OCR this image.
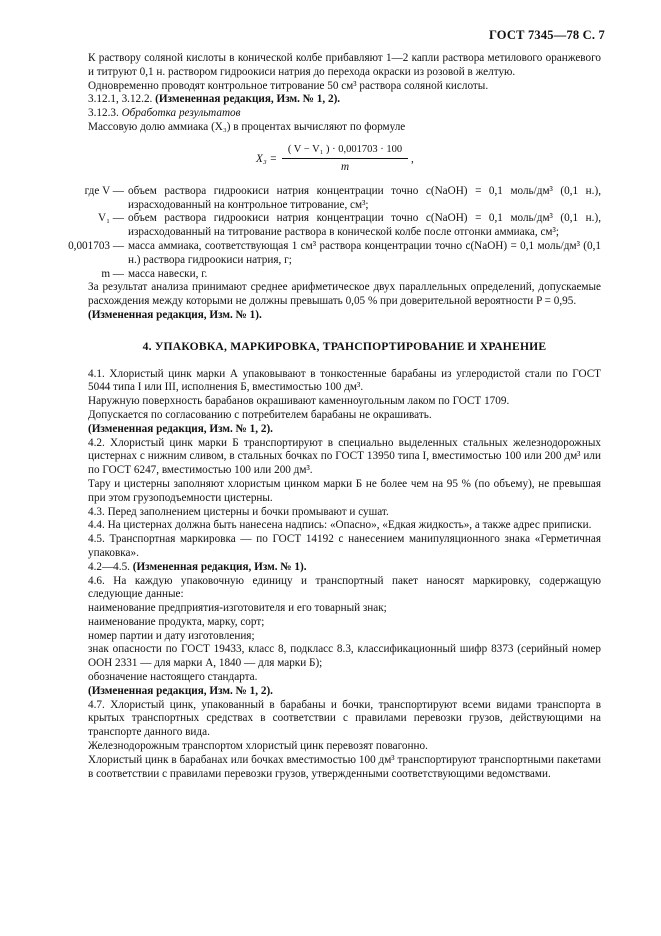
ГОСТ 7345—78 С. 7

К раствору соляной кислоты в конической колбе прибавляют 1—2 капли раствора метилового оранжевого и титруют 0,1 н. раствором гидроокиси натрия до перехода окраски из розовой в желтую.

Одновременно проводят контрольное титрование 50 см³ раствора соляной кислоты.

3.12.1, 3.12.2. (Измененная редакция, Изм. № 1, 2).

3.12.3. Обработка результатов

Массовую долю аммиака (X₃) в процентах вычисляют по формуле

X₃ =
( V − V₁ ) · 0,001703 · 100
m
,
где V — объем раствора гидроокиси натрия концентрации точно c(NaOH) = 0,1 моль/дм³ (0,1 н.), израсходованный на контрольное титрование, см³;
V₁ — объем раствора гидроокиси натрия концентрации точно c(NaOH) = 0,1 моль/дм³ (0,1 н.), израсходованный на титрование раствора в конической колбе после отгонки аммиака, см³;
0,001703 — масса аммиака, соответствующая 1 см³ раствора концентрации точно c(NaOH) = 0,1 моль/дм³ (0,1 н.) раствора гидроокиси натрия, г;
m — масса навески, г.

За результат анализа принимают среднее арифметическое двух параллельных определений, допускаемые расхождения между которыми не должны превышать 0,05 % при доверительной вероятности P = 0,95.

(Измененная редакция, Изм. № 1).

4. УПАКОВКА, МАРКИРОВКА, ТРАНСПОРТИРОВАНИЕ И ХРАНЕНИЕ

4.1. Хлористый цинк марки А упаковывают в тонкостенные барабаны из углеродистой стали по ГОСТ 5044 типа I или III, исполнения Б, вместимостью 100 дм³.

Наружную поверхность барабанов окрашивают каменноугольным лаком по ГОСТ 1709.

Допускается по согласованию с потребителем барабаны не окрашивать.

(Измененная редакция, Изм. № 1, 2).

4.2. Хлористый цинк марки Б транспортируют в специально выделенных стальных железнодорожных цистернах с нижним сливом, в стальных бочках по ГОСТ 13950 типа I, вместимостью 100 или 200 дм³ или по ГОСТ 6247, вместимостью 100 или 200 дм³.

Тару и цистерны заполняют хлористым цинком марки Б не более чем на 95 % (по объему), не превышая при этом грузоподъемности цистерны.

4.3. Перед заполнением цистерны и бочки промывают и сушат.

4.4. На цистернах должна быть нанесена надпись: «Опасно», «Едкая жидкость», а также адрес приписки.

4.5. Транспортная маркировка — по ГОСТ 14192 с нанесением манипуляционного знака «Герметичная упаковка».

4.2—4.5. (Измененная редакция, Изм. № 1).

4.6. На каждую упаковочную единицу и транспортный пакет наносят маркировку, содержащую следующие данные:

наименование предприятия-изготовителя и его товарный знак;

наименование продукта, марку, сорт;

номер партии и дату изготовления;

знак опасности по ГОСТ 19433, класс 8, подкласс 8.3, классификационный шифр 8373 (серийный номер ООН 2331 — для марки А, 1840 — для марки Б);

обозначение настоящего стандарта.

(Измененная редакция, Изм. № 1, 2).

4.7. Хлористый цинк, упакованный в барабаны и бочки, транспортируют всеми видами транспорта в крытых транспортных средствах в соответствии с правилами перевозки грузов, действующими на транспорте данного вида.

Железнодорожным транспортом хлористый цинк перевозят повагонно.

Хлористый цинк в барабанах или бочках вместимостью 100 дм³ транспортируют транспортными пакетами в соответствии с правилами перевозки грузов, утвержденными соответствующими ведомствами.
